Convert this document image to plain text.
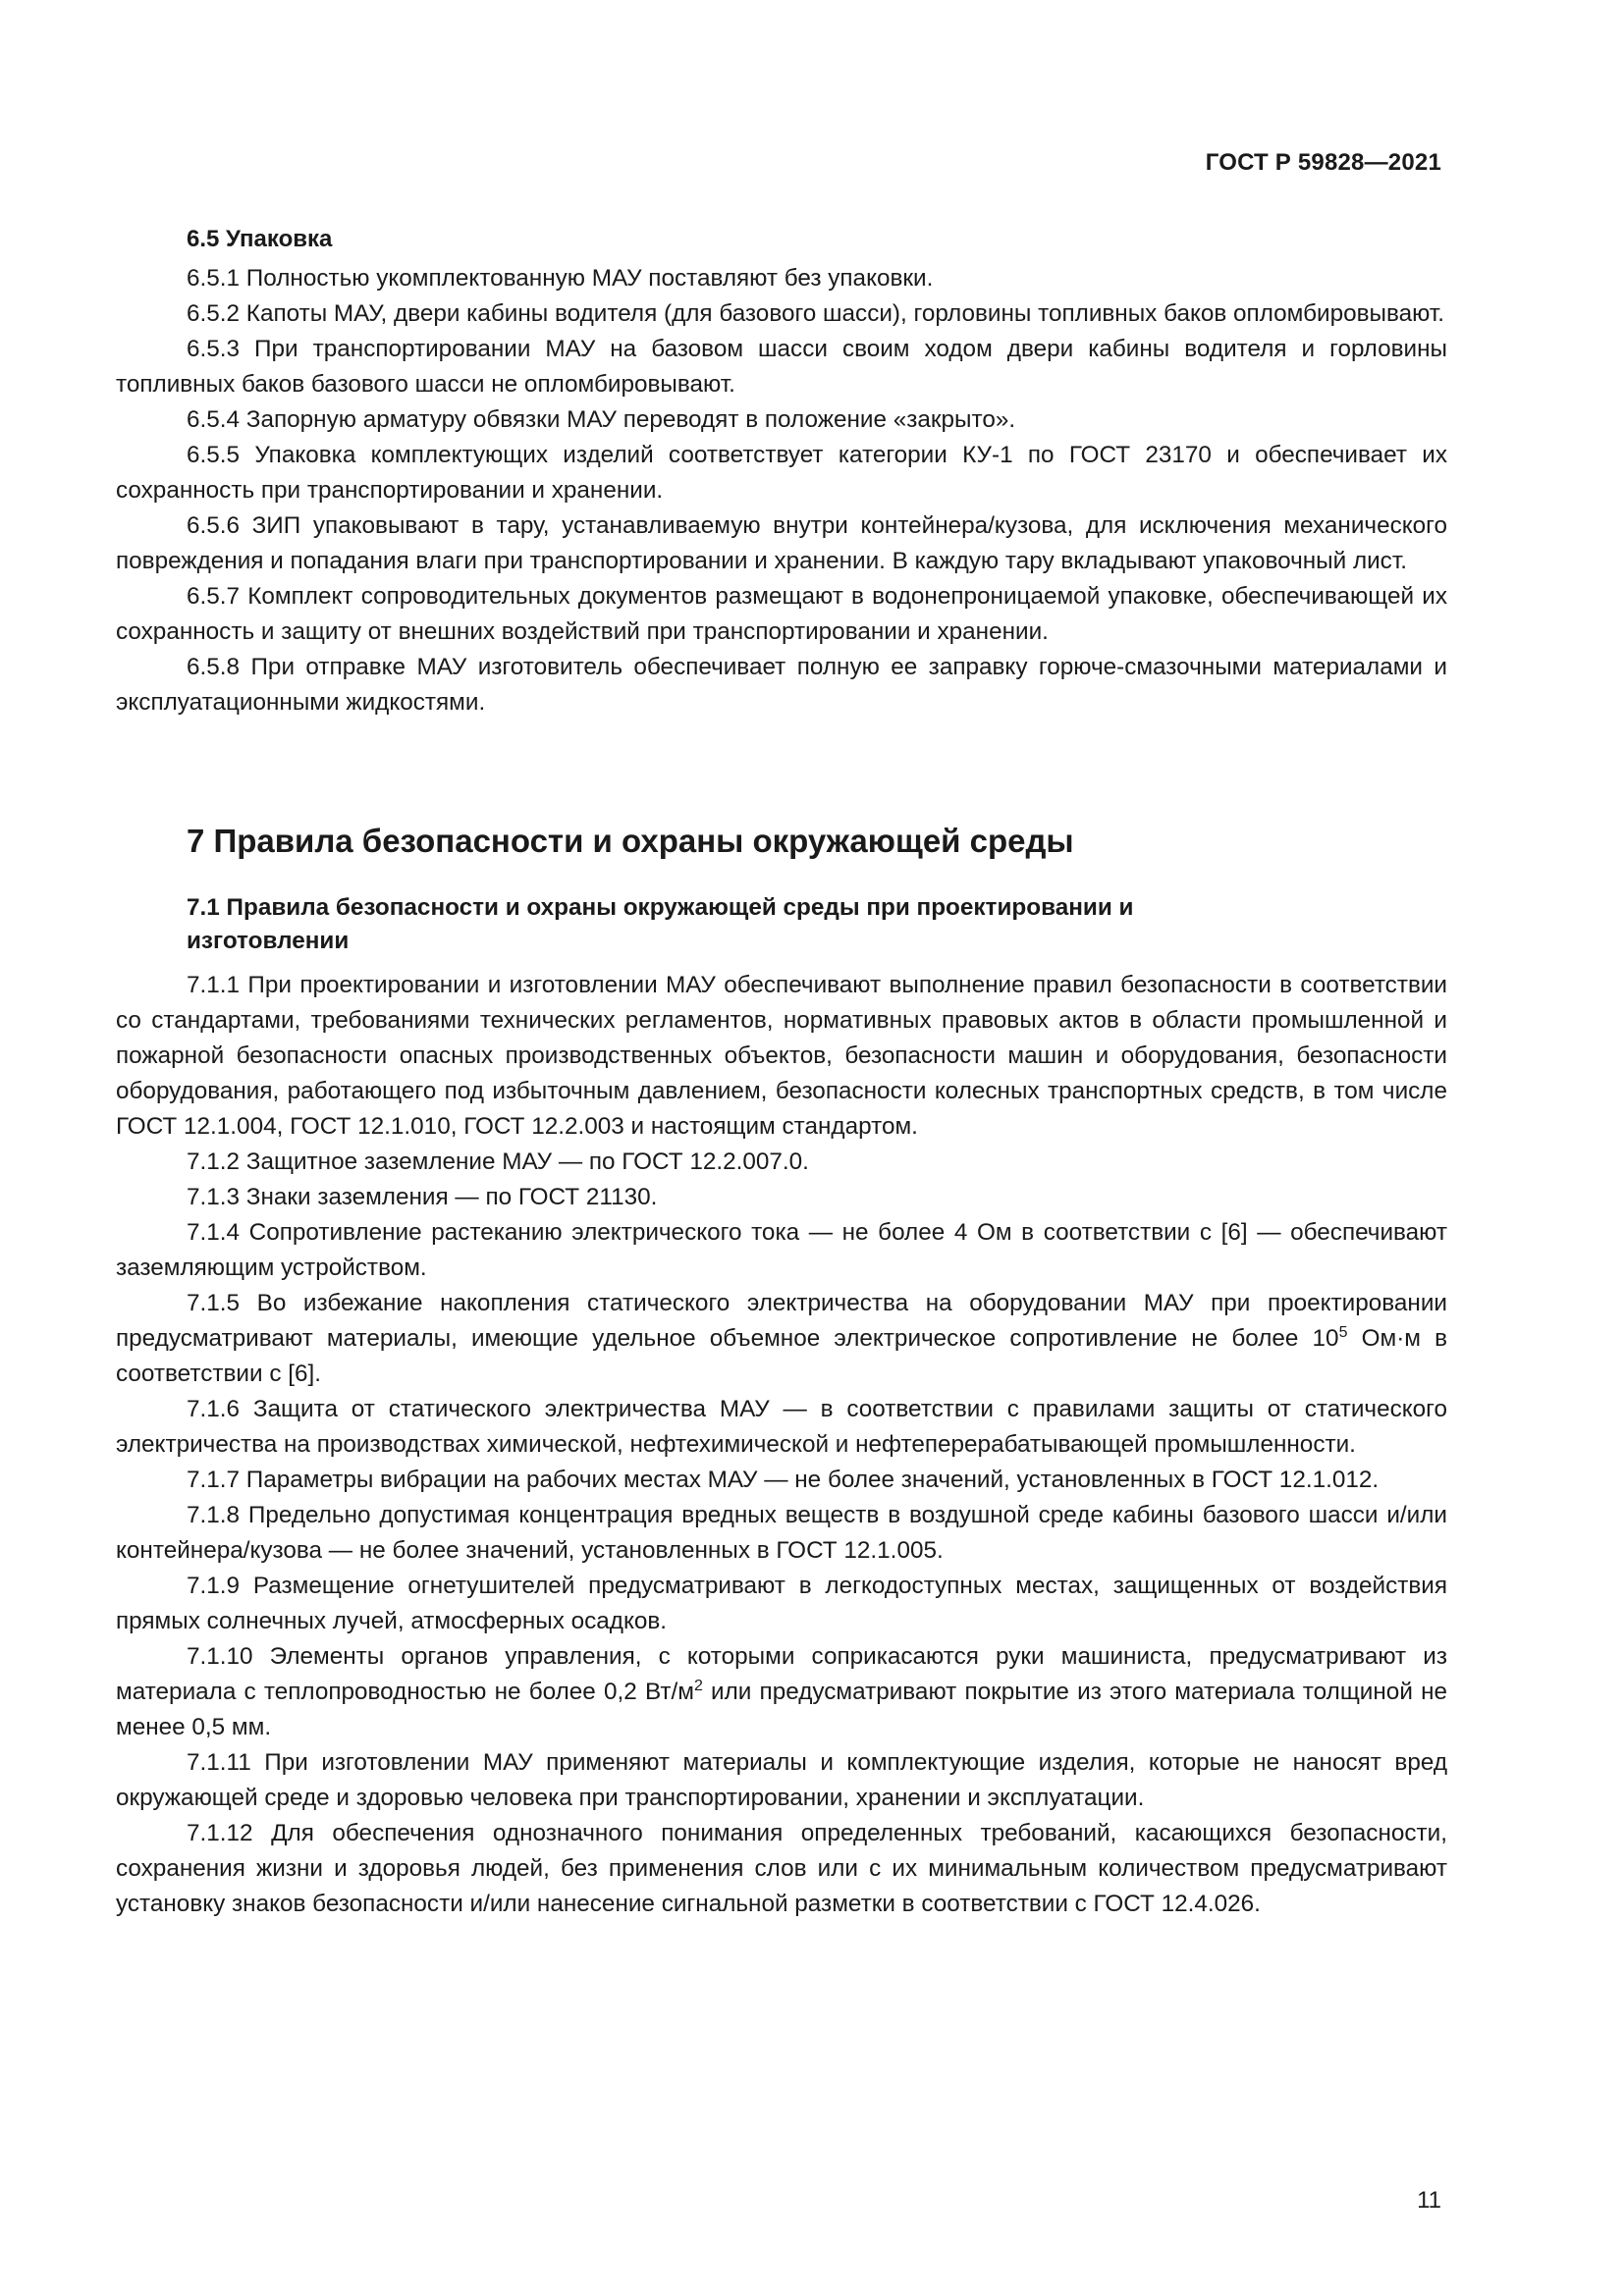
ГОСТ Р 59828—2021
6.5 Упаковка

6.5.1 Полностью укомплектованную МАУ поставляют без упаковки.

6.5.2 Капоты МАУ, двери кабины водителя (для базового шасси), горловины топливных баков опломбировывают.

6.5.3 При транспортировании МАУ на базовом шасси своим ходом двери кабины водителя и горловины топливных баков базового шасси не опломбировывают.

6.5.4 Запорную арматуру обвязки МАУ переводят в положение «закрыто».

6.5.5 Упаковка комплектующих изделий соответствует категории КУ-1 по ГОСТ 23170 и обеспечивает их сохранность при транспортировании и хранении.

6.5.6 ЗИП упаковывают в тару, устанавливаемую внутри контейнера/кузова, для исключения механического повреждения и попадания влаги при транспортировании и хранении. В каждую тару вкладывают упаковочный лист.

6.5.7 Комплект сопроводительных документов размещают в водонепроницаемой упаковке, обеспечивающей их сохранность и защиту от внешних воздействий при транспортировании и хранении.

6.5.8 При отправке МАУ изготовитель обеспечивает полную ее заправку горюче-смазочными материалами и эксплуатационными жидкостями.

7 Правила безопасности и охраны окружающей среды
7.1 Правила безопасности и охраны окружающей среды при проектировании и изготовлении

7.1.1 При проектировании и изготовлении МАУ обеспечивают выполнение правил безопасности в соответствии со стандартами, требованиями технических регламентов, нормативных правовых актов в области промышленной и пожарной безопасности опасных производственных объектов, безопасности машин и оборудования, безопасности оборудования, работающего под избыточным давлением, безопасности колесных транспортных средств, в том числе ГОСТ 12.1.004, ГОСТ 12.1.010, ГОСТ 12.2.003 и настоящим стандартом.

7.1.2 Защитное заземление МАУ — по ГОСТ 12.2.007.0.

7.1.3 Знаки заземления — по ГОСТ 21130.

7.1.4 Сопротивление растеканию электрического тока — не более 4 Ом в соответствии с [6] — обеспечивают заземляющим устройством.

7.1.5 Во избежание накопления статического электричества на оборудовании МАУ при проектировании предусматривают материалы, имеющие удельное объемное электрическое сопротивление не более $10^5$ Ом·м в соответствии с [6].

7.1.6 Защита от статического электричества МАУ — в соответствии с правилами защиты от статического электричества на производствах химической, нефтехимической и нефтеперерабатывающей промышленности.

7.1.7 Параметры вибрации на рабочих местах МАУ — не более значений, установленных в ГОСТ 12.1.012.

7.1.8 Предельно допустимая концентрация вредных веществ в воздушной среде кабины базового шасси и/или контейнера/кузова — не более значений, установленных в ГОСТ 12.1.005.

7.1.9 Размещение огнетушителей предусматривают в легкодоступных местах, защищенных от воздействия прямых солнечных лучей, атмосферных осадков.

7.1.10 Элементы органов управления, с которыми соприкасаются руки машиниста, предусматривают из материала с теплопроводностью не более 0,2 $Вт/м^2$ или предусматривают покрытие из этого материала толщиной не менее 0,5 мм.

7.1.11 При изготовлении МАУ применяют материалы и комплектующие изделия, которые не наносят вред окружающей среде и здоровью человека при транспортировании, хранении и эксплуатации.

7.1.12 Для обеспечения однозначного понимания определенных требований, касающихся безопасности, сохранения жизни и здоровья людей, без применения слов или с их минимальным количеством предусматривают установку знаков безопасности и/или нанесение сигнальной разметки в соответствии с ГОСТ 12.4.026.

11
